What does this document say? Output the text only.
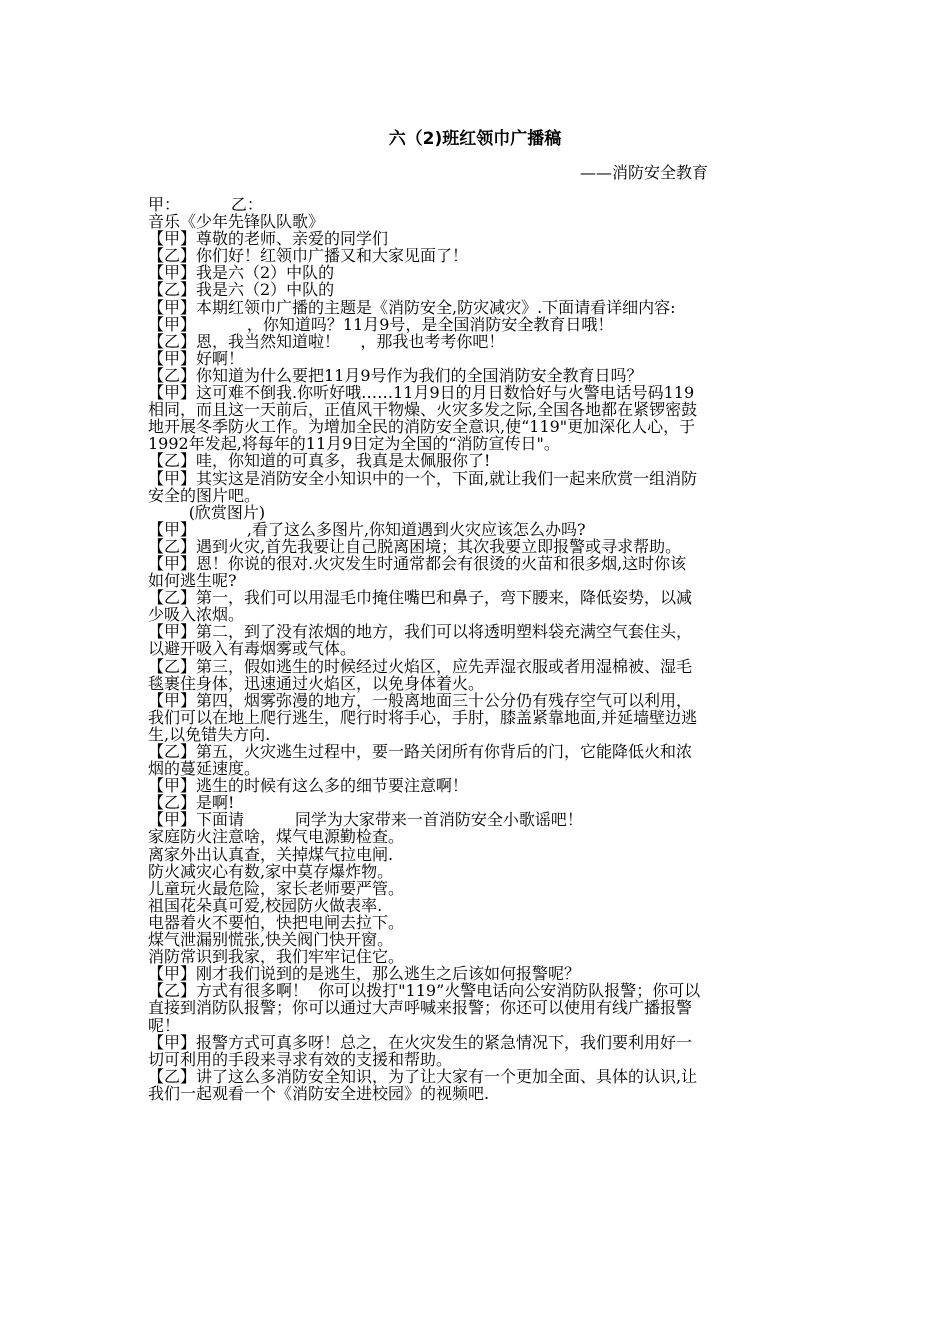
六（2)班红领巾广播稿
——消防安全教育
甲：          乙：
音乐《少年先锋队队歌》
【甲】尊敬的老师、亲爱的同学们
【乙】你们好！红领巾广播又和大家见面了！
【甲】我是六（2）中队的
【乙】我是六（2）中队的
【甲】本期红领巾广播的主题是《消防安全,防灾减灾》.下面请看详细内容:
【甲】          ，你知道吗？11月9号，是全国消防安全教育日哦！
【乙】恩，我当然知道啦！    ，那我也考考你吧！
【甲】好啊！
【乙】你知道为什么要把11月9号作为我们的全国消防安全教育日吗？
【甲】这可难不倒我.你听好哦……11月9日的月日数恰好与火警电话号码119
相同，而且这一天前后，正值风干物燥、火灾多发之际,全国各地都在紧锣密鼓
地开展冬季防火工作。为增加全民的消防安全意识,使“119"更加深化人心，于
1992年发起,将每年的11月9日定为全国的“消防宣传日"。
【乙】哇，你知道的可真多，我真是太佩服你了!
【甲】其实这是消防安全小知识中的一个，下面,就让我们一起来欣赏一组消防
安全的图片吧。
(欣赏图片)
【甲】          ,看了这么多图片,你知道遇到火灾应该怎么办吗?
【乙】遇到火灾,首先我要让自己脱离困境；其次我要立即报警或寻求帮助。
【甲】恩！你说的很对.火灾发生时通常都会有很烫的火苗和很多烟,这时你该
如何逃生呢?
【乙】第一，我们可以用湿毛巾掩住嘴巴和鼻子，弯下腰来，降低姿势，以减
少吸入浓烟。
【甲】第二，到了没有浓烟的地方，我们可以将透明塑料袋充满空气套住头，
以避开吸入有毒烟雾或气体。
【乙】第三，假如逃生的时候经过火焰区，应先弄湿衣服或者用湿棉被、湿毛
毯裹住身体，迅速通过火焰区，以免身体着火。
【甲】第四，烟雾弥漫的地方，一般离地面三十公分仍有残存空气可以利用，
我们可以在地上爬行逃生，爬行时将手心，手肘，膝盖紧靠地面,并延墙壁边逃
生,以免错失方向.
【乙】第五，火灾逃生过程中，要一路关闭所有你背后的门，它能降低火和浓
烟的蔓延速度。
【甲】逃生的时候有这么多的细节要注意啊！
【乙】是啊!
【甲】下面请          同学为大家带来一首消防安全小歌谣吧！
家庭防火注意啥，煤气电源勤检查。
离家外出认真查，关掉煤气拉电闸.
防火减灾心有数,家中莫存爆炸物。
儿童玩火最危险，家长老师要严管。
祖国花朵真可爱,校园防火做表率.
电器着火不要怕，快把电闸去拉下。
煤气泄漏别慌张,快关阀门快开窗。
消防常识到我家，我们牢牢记住它。
【甲】刚才我们说到的是逃生，那么逃生之后该如何报警呢？
【乙】方式有很多啊！  你可以拨打"119”火警电话向公安消防队报警；你可以
直接到消防队报警；你可以通过大声呼喊来报警；你还可以使用有线广播报警
呢！
【甲】报警方式可真多呀！总之，在火灾发生的紧急情况下，我们要利用好一
切可利用的手段来寻求有效的支援和帮助。
【乙】讲了这么多消防安全知识，为了让大家有一个更加全面、具体的认识,让
我们一起观看一个《消防安全进校园》的视频吧.
